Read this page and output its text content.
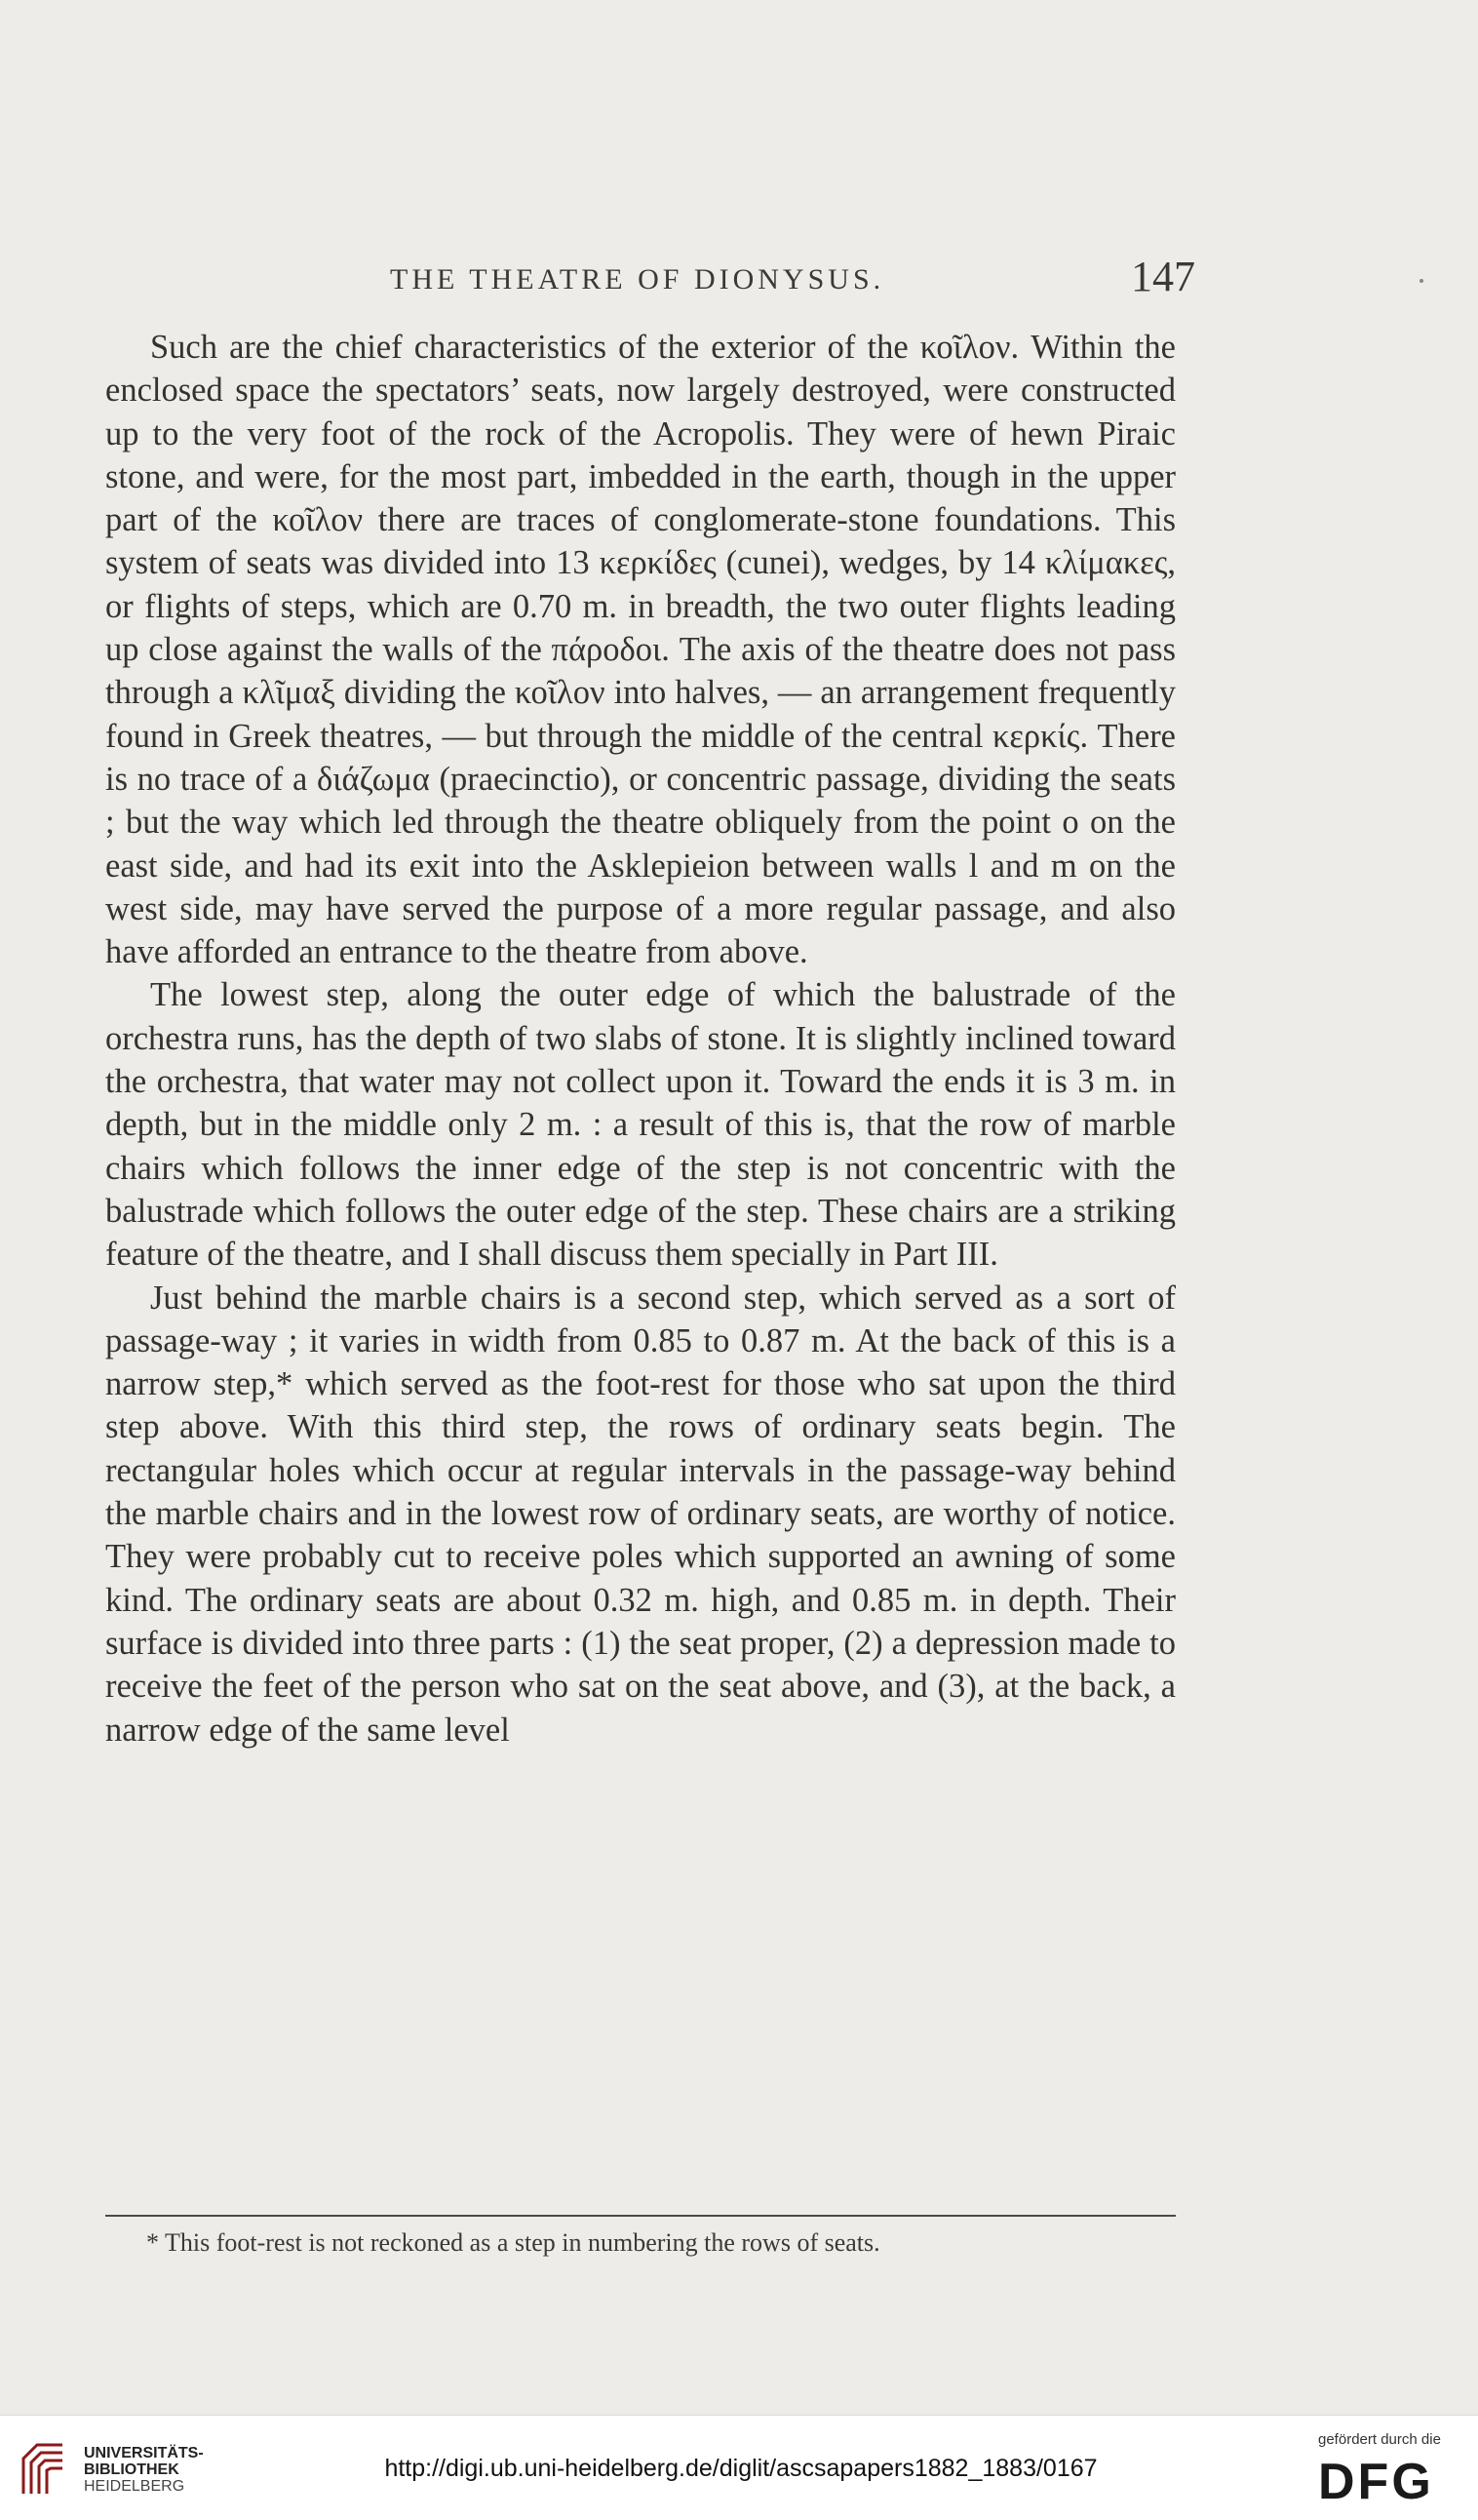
THE THEATRE OF DIONYSUS.	147

Such are the chief characteristics of the exterior of the κοῖλον. Within the enclosed space the spectators’ seats, now largely destroyed, were constructed up to the very foot of the rock of the Acropolis. They were of hewn Piraic stone, and were, for the most part, imbedded in the earth, though in the upper part of the κοῖλον there are traces of conglomerate-stone foundations. This system of seats was divided into 13 κερκίδες (cunei), wedges, by 14 κλίμακες, or flights of steps, which are 0.70 m. in breadth, the two outer flights leading up close against the walls of the πάροδοι. The axis of the theatre does not pass through a κλῖμαξ dividing the κοῖλον into halves, — an arrangement frequently found in Greek theatres, — but through the middle of the central κερκίς. There is no trace of a διάζωμα (praecinctio), or concentric passage, dividing the seats ; but the way which led through the theatre obliquely from the point o on the east side, and had its exit into the Asklepieion between walls l and m on the west side, may have served the purpose of a more regular passage, and also have afforded an entrance to the theatre from above.

The lowest step, along the outer edge of which the balustrade of the orchestra runs, has the depth of two slabs of stone. It is slightly inclined toward the orchestra, that water may not collect upon it. Toward the ends it is 3 m. in depth, but in the middle only 2 m. : a result of this is, that the row of marble chairs which follows the inner edge of the step is not concentric with the balustrade which follows the outer edge of the step. These chairs are a striking feature of the theatre, and I shall discuss them specially in Part III.

Just behind the marble chairs is a second step, which served as a sort of passage-way ; it varies in width from 0.85 to 0.87 m. At the back of this is a narrow step,* which served as the foot-rest for those who sat upon the third step above. With this third step, the rows of ordinary seats begin. The rectangular holes which occur at regular intervals in the passage-way behind the marble chairs and in the lowest row of ordinary seats, are worthy of notice. They were probably cut to receive poles which supported an awning of some kind. The ordinary seats are about 0.32 m. high, and 0.85 m. in depth. Their surface is divided into three parts : (1) the seat proper, (2) a depression made to receive the feet of the person who sat on the seat above, and (3), at the back, a narrow edge of the same level

* This foot-rest is not reckoned as a step in numbering the rows of seats.
UNIVERSITÄTS-
BIBLIOTHEK
HEIDELBERG
http://digi.ub.uni-heidelberg.de/diglit/ascsapapers1882_1883/0167
gefördert durch die
DFG
